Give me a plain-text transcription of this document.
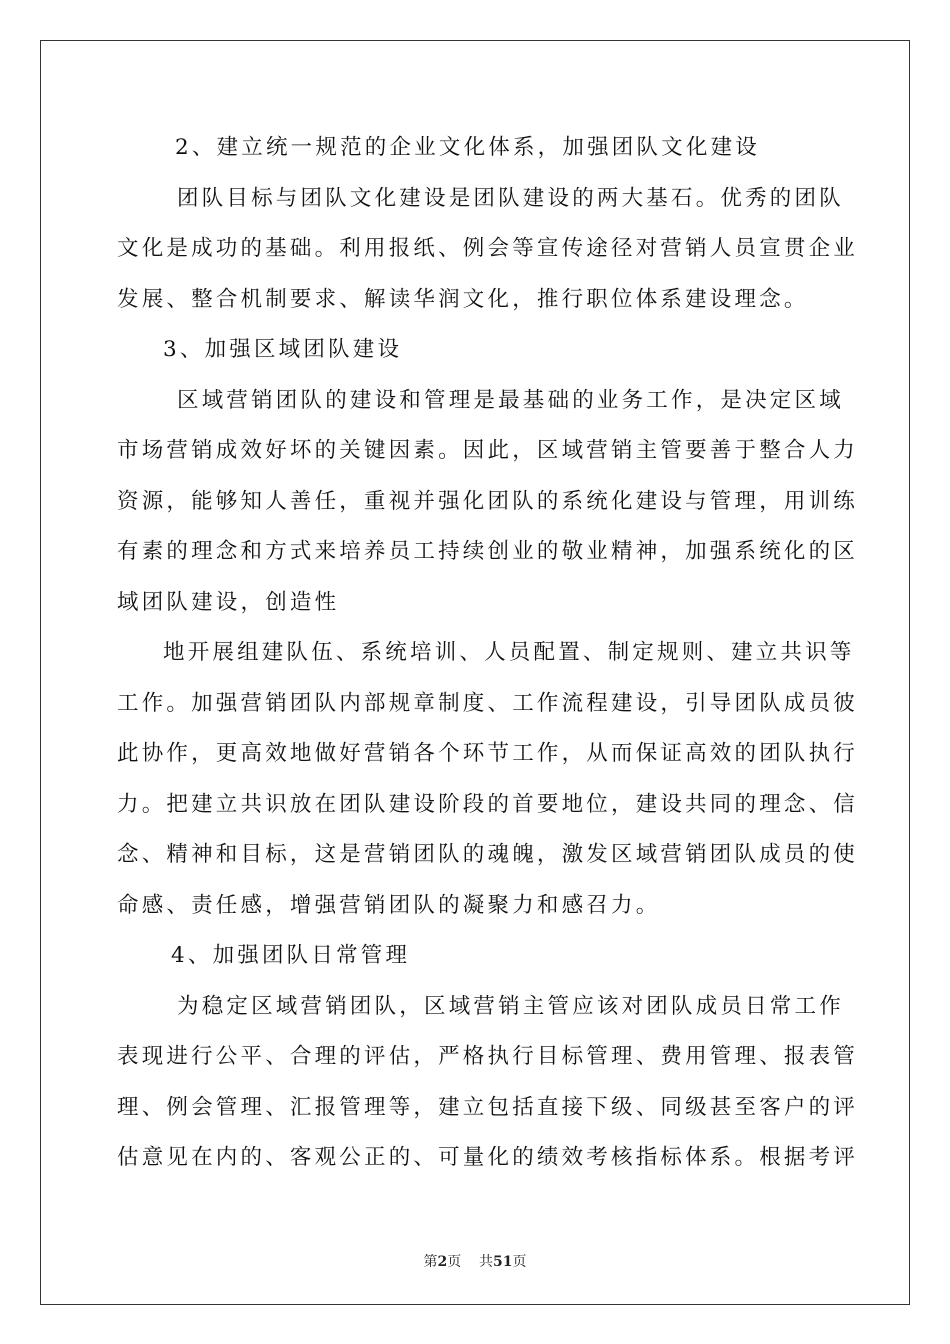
2、建立统一规范的企业文化体系，加强团队文化建设
团队目标与团队文化建设是团队建设的两大基石。优秀的团队
文化是成功的基础。利用报纸、例会等宣传途径对营销人员宣贯企业
发展、整合机制要求、解读华润文化，推行职位体系建设理念。
3、加强区域团队建设
区域营销团队的建设和管理是最基础的业务工作，是决定区域
市场营销成效好坏的关键因素。因此，区域营销主管要善于整合人力
资源，能够知人善任，重视并强化团队的系统化建设与管理，用训练
有素的理念和方式来培养员工持续创业的敬业精神，加强系统化的区
域团队建设，创造性
地开展组建队伍、系统培训、人员配置、制定规则、建立共识等
工作。加强营销团队内部规章制度、工作流程建设，引导团队成员彼
此协作，更高效地做好营销各个环节工作，从而保证高效的团队执行
力。把建立共识放在团队建设阶段的首要地位，建设共同的理念、信
念、精神和目标，这是营销团队的魂魄，激发区域营销团队成员的使
命感、责任感，增强营销团队的凝聚力和感召力。
4、加强团队日常管理
为稳定区域营销团队，区域营销主管应该对团队成员日常工作
表现进行公平、合理的评估，严格执行目标管理、费用管理、报表管
理、例会管理、汇报管理等，建立包括直接下级、同级甚至客户的评
估意见在内的、客观公正的、可量化的绩效考核指标体系。根据考评
第2页 共51页
